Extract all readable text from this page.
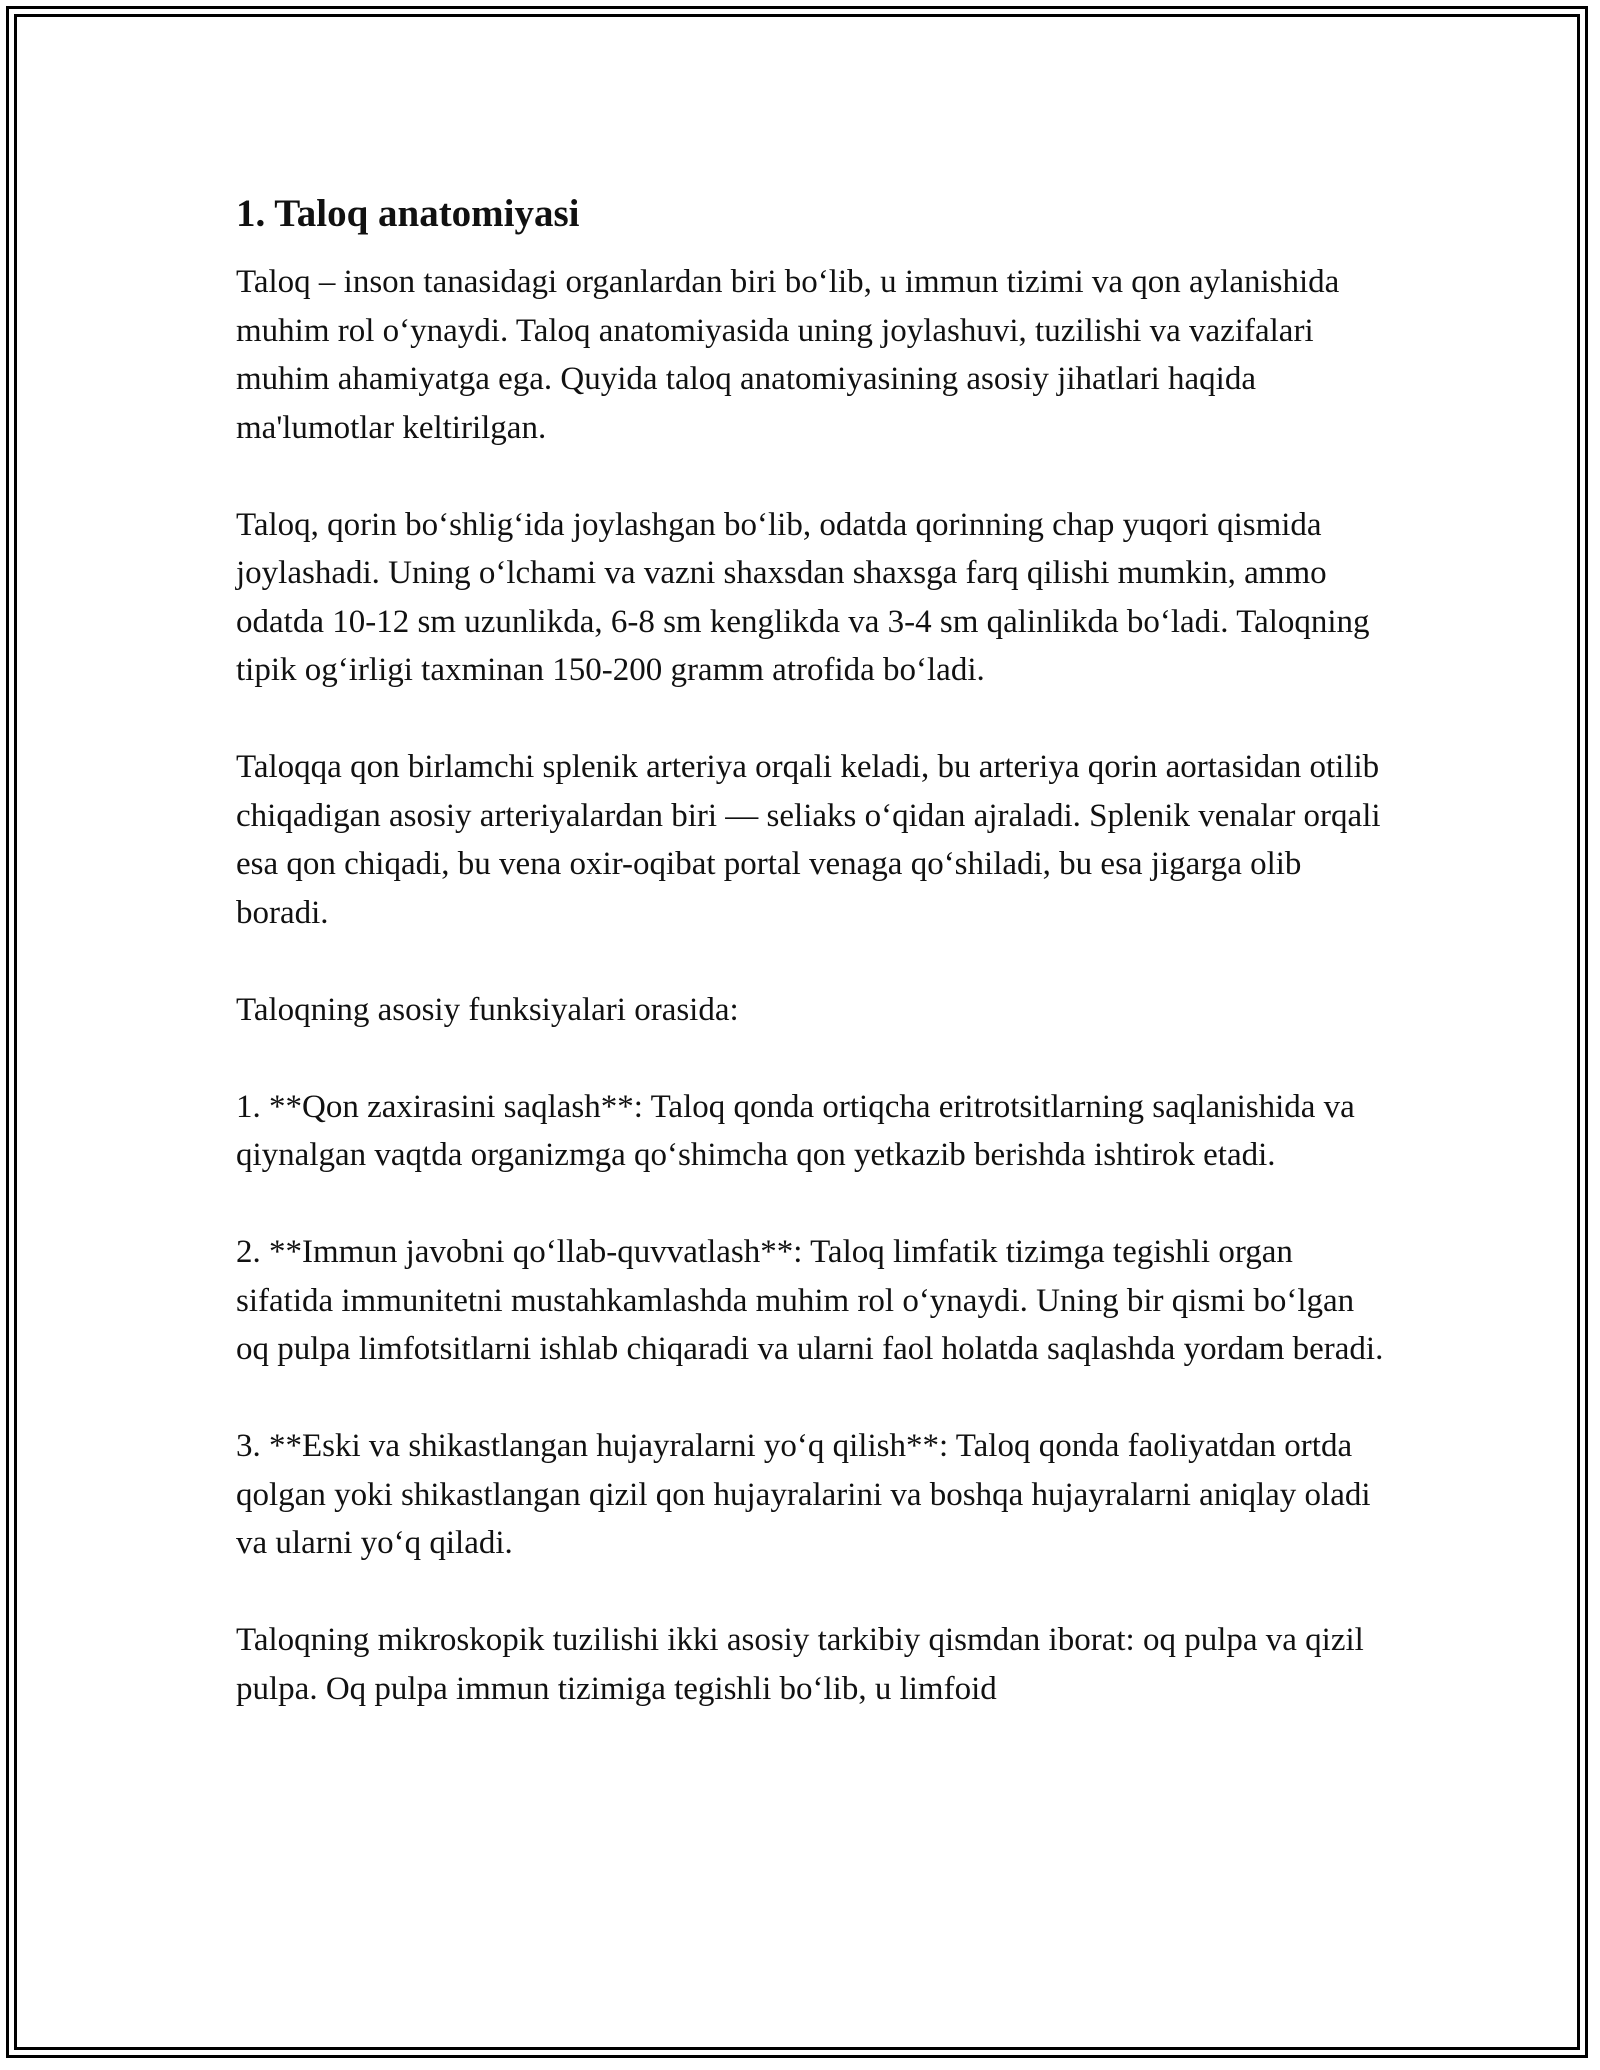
1. Taloq anatomiyasi

Taloq – inson tanasidagi organlardan biri bo‘lib, u immun tizimi va qon aylanishida muhim rol o‘ynaydi. Taloq anatomiyasida uning joylashuvi, tuzilishi va vazifalari muhim ahamiyatga ega. Quyida taloq anatomiyasining asosiy jihatlari haqida ma'lumotlar keltirilgan.

Taloq, qorin bo‘shlig‘ida joylashgan bo‘lib, odatda qorinning chap yuqori qismida joylashadi. Uning o‘lchami va vazni shaxsdan shaxsga farq qilishi mumkin, ammo odatda 10-12 sm uzunlikda, 6-8 sm kenglikda va 3-4 sm qalinlikda bo‘ladi. Taloqning tipik og‘irligi taxminan 150-200 gramm atrofida bo‘ladi.

Taloqqa qon birlamchi splenik arteriya orqali keladi, bu arteriya qorin aortasidan otilib chiqadigan asosiy arteriyalardan biri — seliaks o‘qidan ajraladi. Splenik venalar orqali esa qon chiqadi, bu vena oxir-oqibat portal venaga qo‘shiladi, bu esa jigarga olib boradi.

Taloqning asosiy funksiyalari orasida:

1. **Qon zaxirasini saqlash**: Taloq qonda ortiqcha eritrotsitlarning saqlanishida va qiynalgan vaqtda organizmga qo‘shimcha qon yetkazib berishda ishtirok etadi.

2. **Immun javobni qo‘llab-quvvatlash**: Taloq limfatik tizimga tegishli organ sifatida immunitetni mustahkamlashda muhim rol o‘ynaydi. Uning bir qismi bo‘lgan oq pulpa limfotsitlarni ishlab chiqaradi va ularni faol holatda saqlashda yordam beradi.

3. **Eski va shikastlangan hujayralarni yo‘q qilish**: Taloq qonda faoliyatdan ortda qolgan yoki shikastlangan qizil qon hujayralarini va boshqa hujayralarni aniqlay oladi va ularni yo‘q qiladi.

Taloqning mikroskopik tuzilishi ikki asosiy tarkibiy qismdan iborat: oq pulpa va qizil pulpa. Oq pulpa immun tizimiga tegishli bo‘lib, u limfoid
